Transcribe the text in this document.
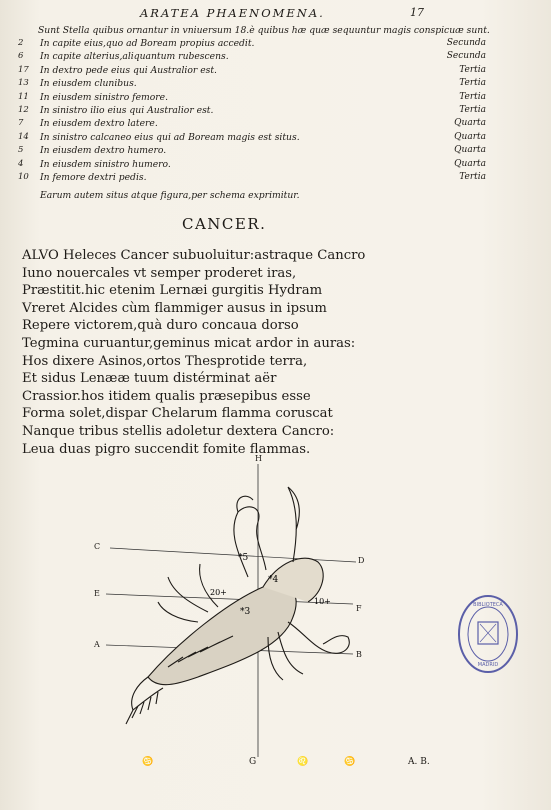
ARATEA PHAENOMENA.	17
Sunt Stella quibus ornantur in vniuersum 18.è quibus hæ quæ sequuntur magis conspicuæ sunt.
2	In capite eius,quo ad Boream propius accedit.	Secunda
6	In capite alterius,aliquantum rubescens.	Secunda
17	In dextro pede eius qui Australior est.	Tertia
13	In eiusdem clunibus.	Tertia
11	In eiusdem sinistro femore.	Tertia
12	In sinistro ilio eius qui Australior est.	Tertia
7	In eiusdem dextro latere.	Quarta
14	In sinistro calcaneo eius qui ad Boream magis est situs.	Quarta
5	In eiusdem dextro humero.	Quarta
4	In eiusdem sinistro humero.	Quarta
10	In femore dextri pedis.	Tertia
Earum autem situs atque figura,per schema exprimitur.
CANCER.
ALVO Heleces Cancer subuoluitur:astraque Cancro
Iuno nouercales vt semper proderet iras,
Præstitit.hic etenim Lernæi gurgitis Hydram
Vreret Alcides cùm flammiger ausus in ipsum
Repere victorem,quà duro concaua dorso
Tegmina curuantur,geminus micat ardor in auras:
Hos dixere Asinos,ortos Thesprotide terra,
Et sidus Lenææ tuum distérminat aër
Crassior.hos itidem qualis præsepibus esse
Forma solet,dispar Chelarum flamma coruscat
Nanque tribus stellis adoletur dextera Cancro:
Leua duas pigro succendit fomite flammas.
*4
*5
*3
20+
10+
H
C
D
E
F
A
B
BIBLIOTECA
MADRID
♋	G	♌	♋	A. B.
